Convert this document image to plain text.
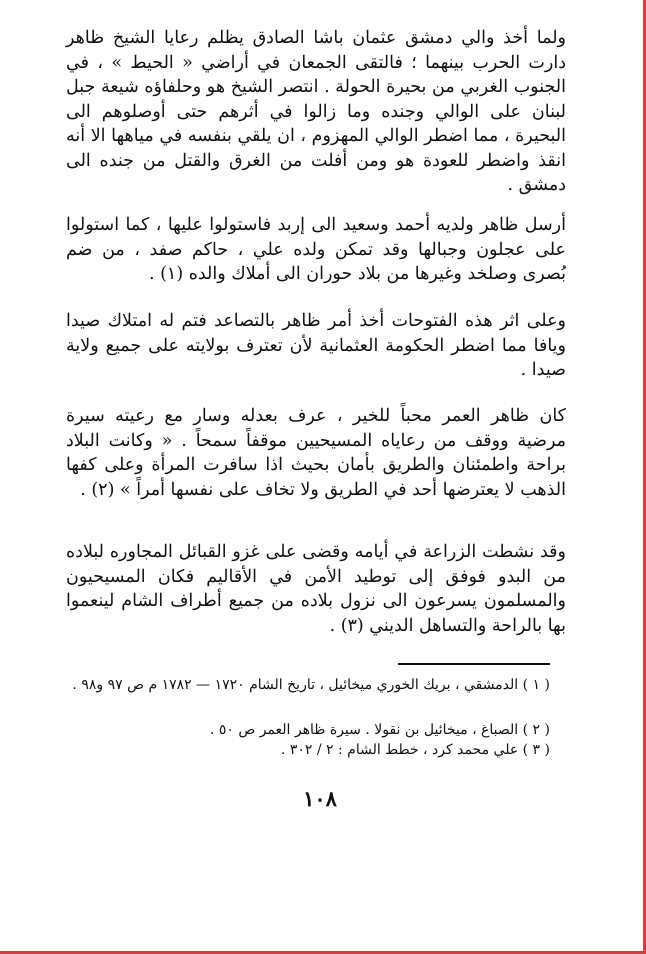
ولما أخذ والي دمشق عثمان باشا الصادق يظلم رعايا الشيخ ظاهر دارت الحرب بينهما ؛ فالتقى الجمعان في أراضي « الحيط » ، في الجنوب الغربي من بحيرة الحولة . انتصر الشيخ هو وحلفاؤه شيعة جبل لبنان على الوالي وجنده وما زالوا في أثرهم حتى أوصلوهم الى البحيرة ، مما اضطر الوالي المهزوم ، ان يلقي بنفسه في مياهها الا أنه انقذ واضطر للعودة هو ومن أفلت من الغرق والقتل من جنده الى دمشق .
أرسل ظاهر ولديه أحمد وسعيد الى إربد فاستولوا عليها ، كما استولوا على عجلون وجبالها وقد تمكن ولده علي ، حاكم صفد ، من ضم بُصرى وصلخد وغيرها من بلاد حوران الى أملاك والده (١) .
وعلى اثر هذه الفتوحات أخذ أمر ظاهر بالتصاعد فتم له امتلاك صيدا ويافا مما اضطر الحكومة العثمانية لأن تعترف بولايته على جميع ولاية صيدا .
كان ظاهر العمر محباً للخير ، عرف بعدله وسار مع رعيته سيرة مرضية ووقف من رعاياه المسيحيين موقفاً سمحاً . « وكانت البلاد براحة واطمئنان والطريق بأمان بحيث اذا سافرت المرأة وعلى كفها الذهب لا يعترضها أحد في الطريق ولا تخاف على نفسها أمراً » (٢) .
وقد نشطت الزراعة في أيامه وقضى على غزو القبائل المجاوره لبلاده من البدو فوفق إلى توطيد الأمن في الأقاليم فكان المسيحيون والمسلمون يسرعون الى نزول بلاده من جميع أطراف الشام لينعموا بها بالراحة والتساهل الديني (٣) .
( ١ ) الدمشقي ، بريك الخوري ميخائيل ، تاريخ الشام ١٧٢٠ — ١٧٨٢ م ص ٩٧ و٩٨ .
( ٢ ) الصباغ ، ميخائيل بن نقولا . سيرة ظاهر العمر ص ٥٠ .
( ٣ ) علي محمد كرد ، خطط الشام : ٢ / ٣٠٢ .
١٠٨
